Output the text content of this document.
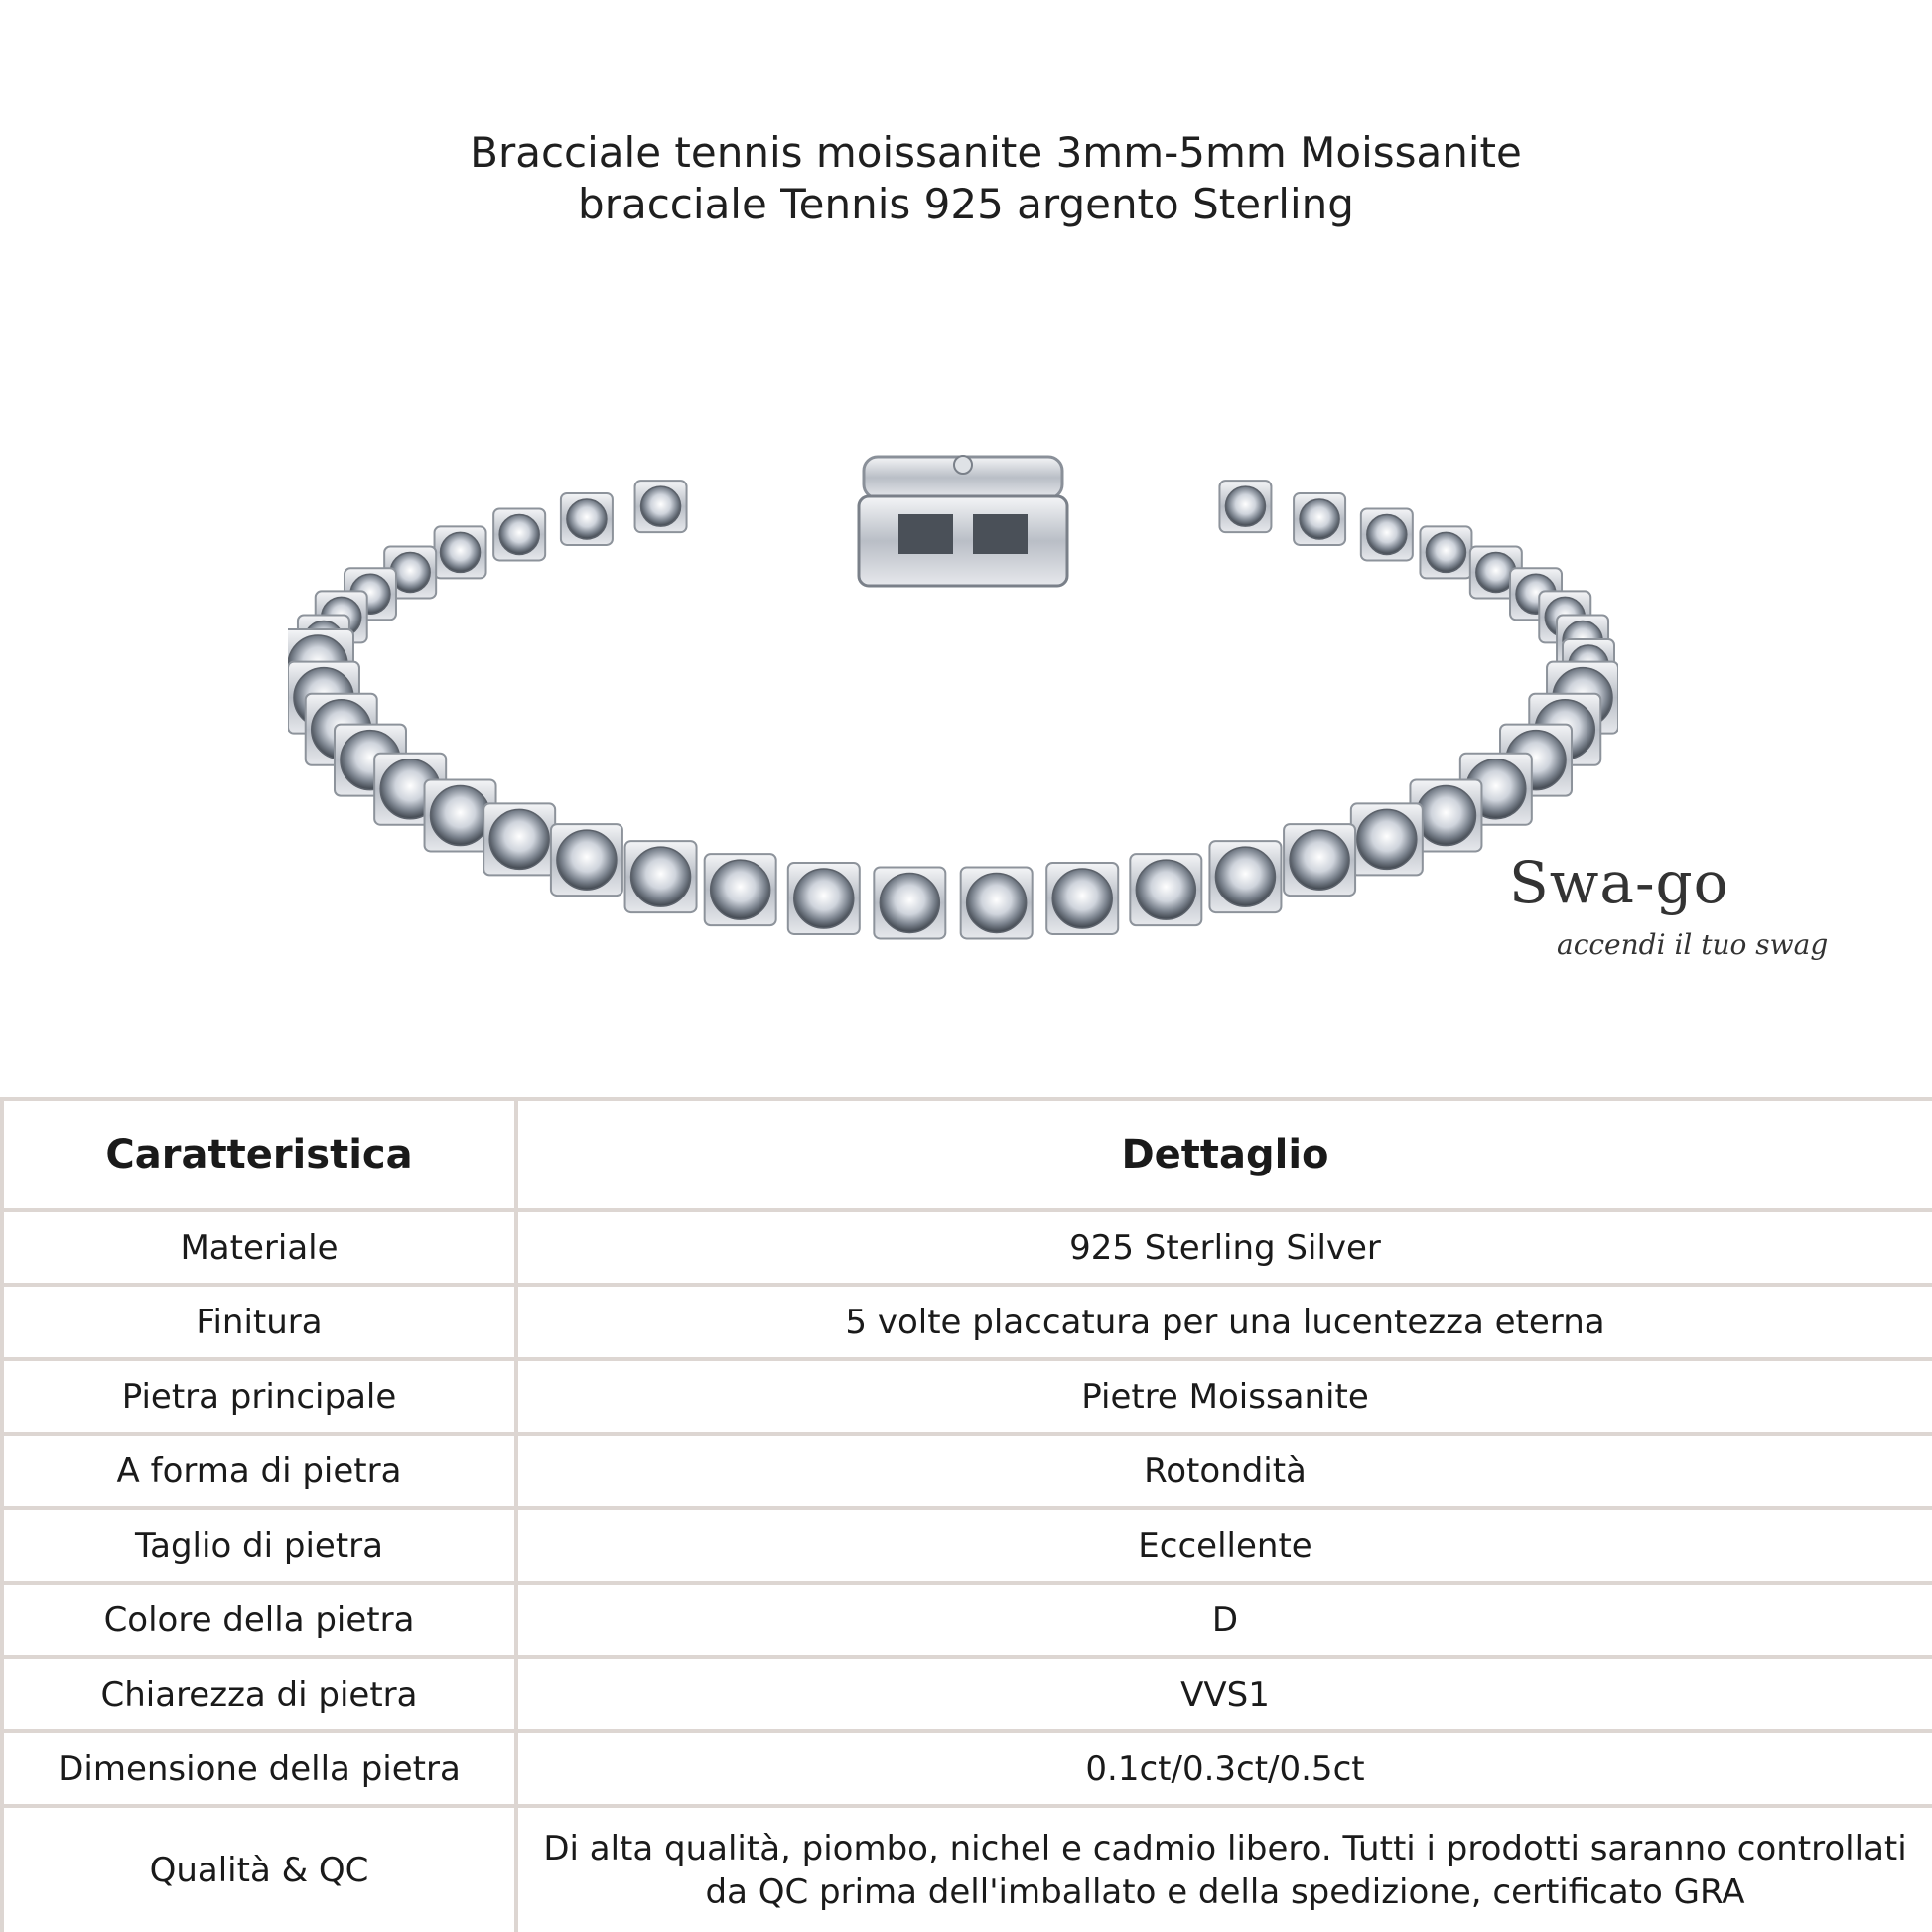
Bracciale tennis moissanite 3mm-5mm Moissanite
bracciale Tennis 925 argento Sterling
Swa-go
accendi il tuo swag
Caratteristica	Dettaglio
Materiale	925 Sterling Silver
Finitura	5 volte placcatura per una lucentezza eterna
Pietra principale	Pietre Moissanite
A forma di pietra	Rotondità
Taglio di pietra	Eccellente
Colore della pietra	D
Chiarezza di pietra	VVS1
Dimensione della pietra	0.1ct/0.3ct/0.5ct
Qualità & QC	Di alta qualità, piombo, nichel e cadmio libero. Tutti i prodotti saranno controllati da QC prima dell'imballato e della spedizione, certificato GRA
